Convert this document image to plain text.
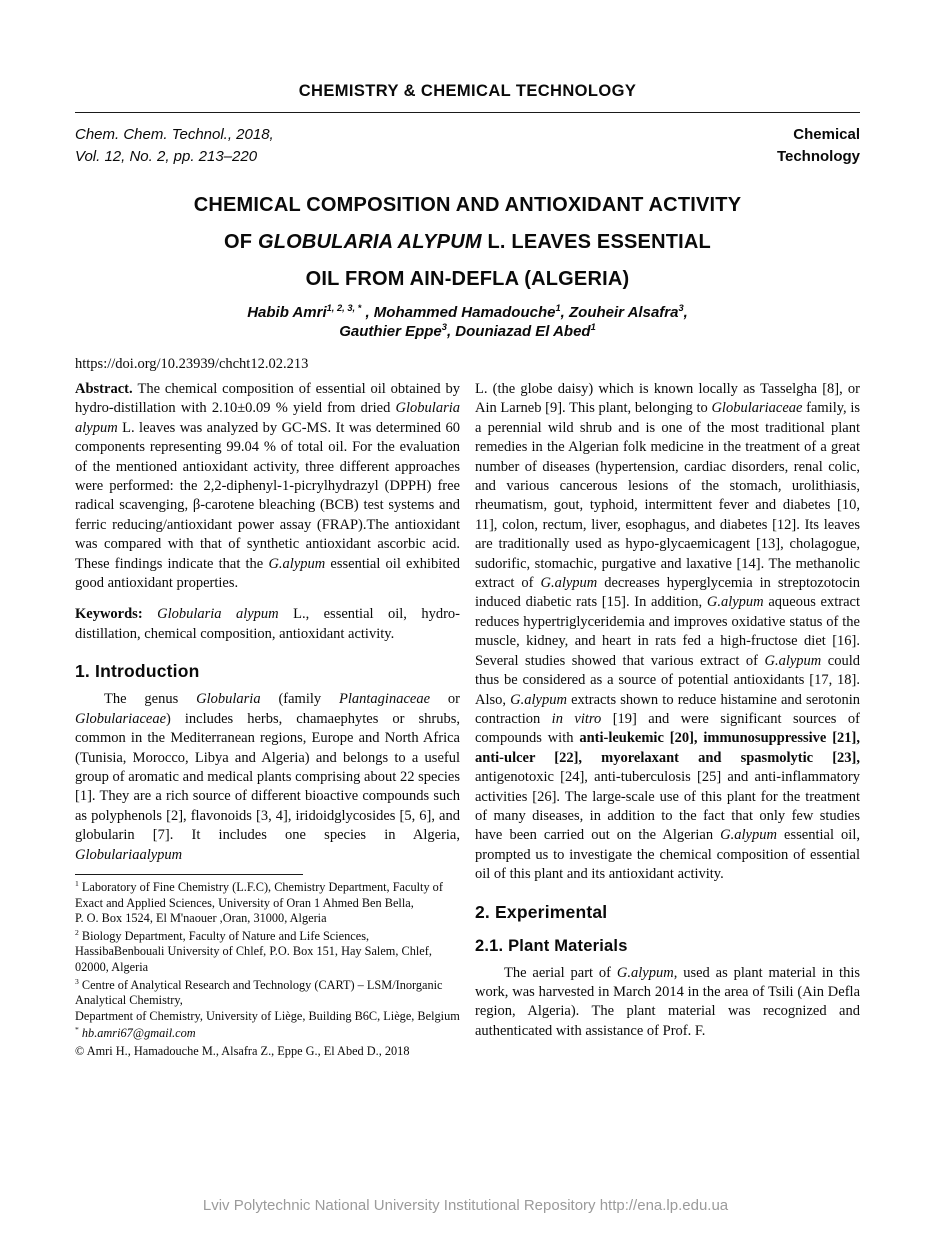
CHEMISTRY & CHEMICAL TECHNOLOGY
Chem. Chem. Technol., 2018,
Vol. 12, No. 2, pp. 213–220
Chemical
Technology
CHEMICAL COMPOSITION AND ANTIOXIDANT ACTIVITY
OF GLOBULARIA ALYPUM L. LEAVES ESSENTIAL
OIL FROM AIN-DEFLA (ALGERIA)
Habib Amri$^{1, 2, 3, *}$ , Mohammed Hamadouche$^1$, Zouheir Alsafra$^3$,
Gauthier Eppe$^3$, Douniazad El Abed$^1$
https://doi.org/10.23939/chcht12.02.213

Abstract. The chemical composition of essential oil obtained by hydro-distillation with 2.10±0.09 % yield from dried Globularia alypum L. leaves was analyzed by GC-MS. It was determined 60 components representing 99.04 % of total oil. For the evaluation of the mentioned antioxidant activity, three different approaches were performed: the 2,2-diphenyl-1-picrylhydrazyl (DPPH) free radical scavenging, β-carotene bleaching (BCB) test systems and ferric reducing/antioxidant power assay (FRAP).The antioxidant was compared with that of synthetic antioxidant ascorbic acid. These findings indicate that the G.alypum essential oil exhibited good antioxidant properties.

Keywords: Globularia alypum L., essential oil, hydro-distillation, chemical composition, antioxidant activity.

1. Introduction

The genus Globularia (family Plantaginaceae or Globulariaceae) includes herbs, chamaephytes or shrubs, common in the Mediterranean regions, Europe and North Africa (Tunisia, Morocco, Libya and Algeria) and belongs to a useful group of aromatic and medical plants comprising about 22 species [1]. They are a rich source of different bioactive compounds such as polyphenols [2], flavonoids [3, 4], iridoidglycosides [5, 6], and globularin [7]. It includes one species in Algeria, Globulariaalypum

$^1$ Laboratory of Fine Chemistry (L.F.C), Chemistry Department, Faculty of Exact and Applied Sciences, University of Oran 1 Ahmed Ben Bella,
P. O. Box 1524, El M'naouer ,Oran, 31000, Algeria
$^2$ Biology Department, Faculty of Nature and Life Sciences, HassibaBenbouali University of Chlef, P.O. Box 151, Hay Salem, Chlef, 02000, Algeria
$^3$ Centre of Analytical Research and Technology (CART) – LSM/Inorganic Analytical Chemistry,
Department of Chemistry, University of Liège, Building B6C, Liège, Belgium
* hb.amri67@gmail.com
© Amri H., Hamadouche M., Alsafra Z., Eppe G., El Abed D., 2018

L. (the globe daisy) which is known locally as Tasselgha [8], or Ain Larneb [9]. This plant, belonging to Globulariaceae family, is a perennial wild shrub and is one of the most traditional plant remedies in the Algerian folk medicine in the treatment of a great number of diseases (hypertension, cardiac disorders, renal colic, and various cancerous lesions of the stomach, urolithiasis, rheumatism, gout, typhoid, intermittent fever and diabetes [10, 11], colon, rectum, liver, esophagus, and diabetes [12]. Its leaves are traditionally used as hypo-glycaemicagent [13], cholagogue, sudorific, stomachic, purgative and laxative [14]. The methanolic extract of G.alypum decreases hyperglycemia in streptozotocin induced diabetic rats [15]. In addition, G.alypum aqueous extract reduces hypertriglyceridemia and improves oxidative status of the muscle, kidney, and heart in rats fed a high-fructose diet [16]. Several studies showed that various extract of G.alypum could thus be considered as a source of potential antioxidants [17, 18]. Also, G.alypum extracts shown to reduce histamine and serotonin contraction in vitro [19] and were significant sources of compounds with anti-leukemic [20], immunosuppressive [21], anti-ulcer [22], myorelaxant and spasmolytic [23], antigenotoxic [24], anti-tuberculosis [25] and anti-inflammatory activities [26]. The large-scale use of this plant for the treatment of many diseases, in addition to the fact that only few studies have been carried out on the Algerian G.alypum essential oil, prompted us to investigate the chemical composition of essential oil of this plant and its antioxidant activity.

2. Experimental
2.1. Plant Materials

The aerial part of G.alypum, used as plant material in this work, was harvested in March 2014 in the area of Tsili (Ain Defla region, Algeria). The plant material was recognized and authenticated with assistance of Prof. F.

Lviv Polytechnic National University Institutional Repository http://ena.lp.edu.ua
